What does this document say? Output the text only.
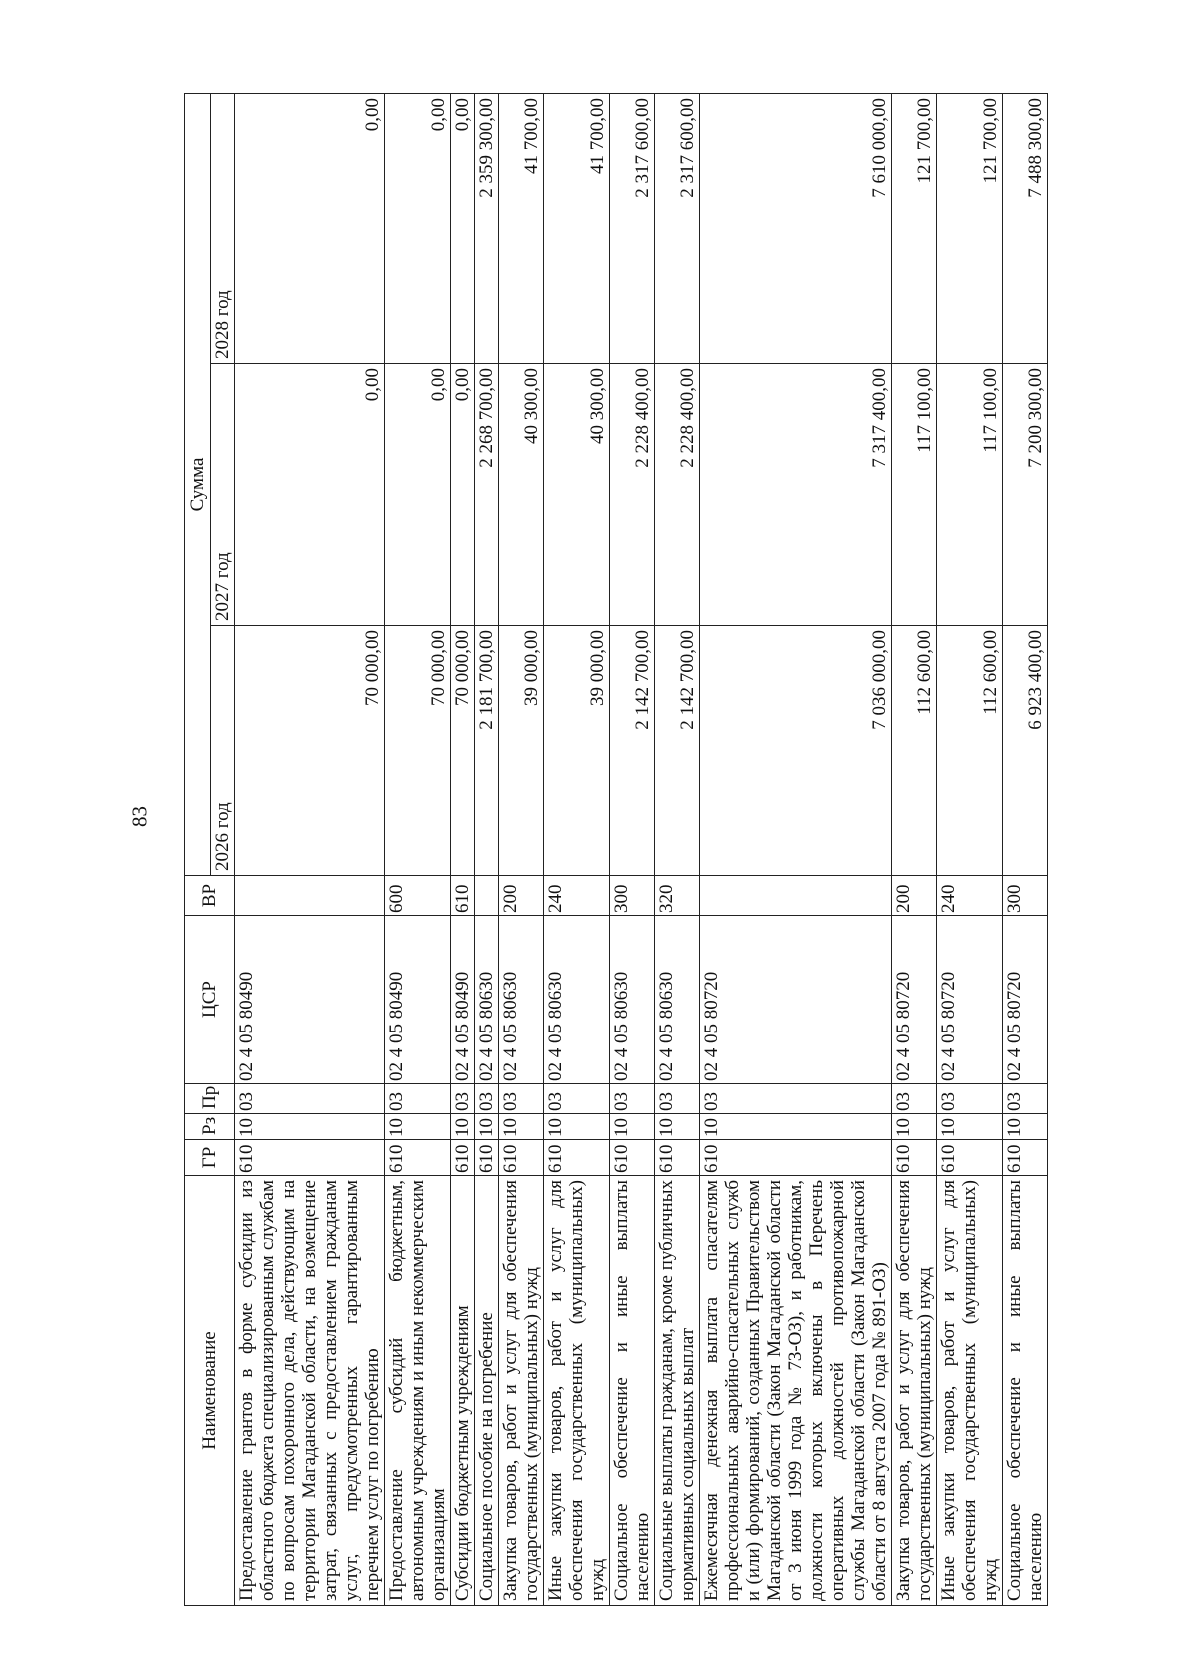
83
Наименование	ГР	Рз	Пр	ЦСР	ВР	Сумма		
						2026 год	2027 год	2028 год
Предоставление грантов в форме субсидии из областного бюджета специализированным службам по вопросам похоронного дела, действующим на территории Магаданской области, на возмещение затрат, связанных с предоставлением гражданам услуг, предусмотренных гарантированным перечнем услуг по погребению	610	10	03	02 4 05 80490		70 000,00	0,00	0,00
Предоставление субсидий бюджетным, автономным учреждениям и иным некоммерческим организациям	610	10	03	02 4 05 80490	600	70 000,00	0,00	0,00
Субсидии бюджетным учреждениям	610	10	03	02 4 05 80490	610	70 000,00	0,00	0,00
Социальное пособие на погребение	610	10	03	02 4 05 80630		2 181 700,00	2 268 700,00	2 359 300,00
Закупка товаров, работ и услуг для обеспечения государственных (муниципальных) нужд	610	10	03	02 4 05 80630	200	39 000,00	40 300,00	41 700,00
Иные закупки товаров, работ и услуг для обеспечения государственных (муниципальных) нужд	610	10	03	02 4 05 80630	240	39 000,00	40 300,00	41 700,00
Социальное обеспечение и иные выплаты населению	610	10	03	02 4 05 80630	300	2 142 700,00	2 228 400,00	2 317 600,00
Социальные выплаты гражданам, кроме публичных нормативных социальных выплат	610	10	03	02 4 05 80630	320	2 142 700,00	2 228 400,00	2 317 600,00
Ежемесячная денежная выплата спасателям профессиональных аварийно-спасательных служб и (или) формирований, созданных Правительством Магаданской области (Закон Магаданской области от 3 июня 1999 года № 73-ОЗ), и работникам, должности которых включены в Перечень оперативных должностей противопожарной службы Магаданской области (Закон Магаданской области от 8 августа 2007 года № 891-ОЗ)	610	10	03	02 4 05 80720		7 036 000,00	7 317 400,00	7 610 000,00
Закупка товаров, работ и услуг для обеспечения государственных (муниципальных) нужд	610	10	03	02 4 05 80720	200	112 600,00	117 100,00	121 700,00
Иные закупки товаров, работ и услуг для обеспечения государственных (муниципальных) нужд	610	10	03	02 4 05 80720	240	112 600,00	117 100,00	121 700,00
Социальное обеспечение и иные выплаты населению	610	10	03	02 4 05 80720	300	6 923 400,00	7 200 300,00	7 488 300,00
